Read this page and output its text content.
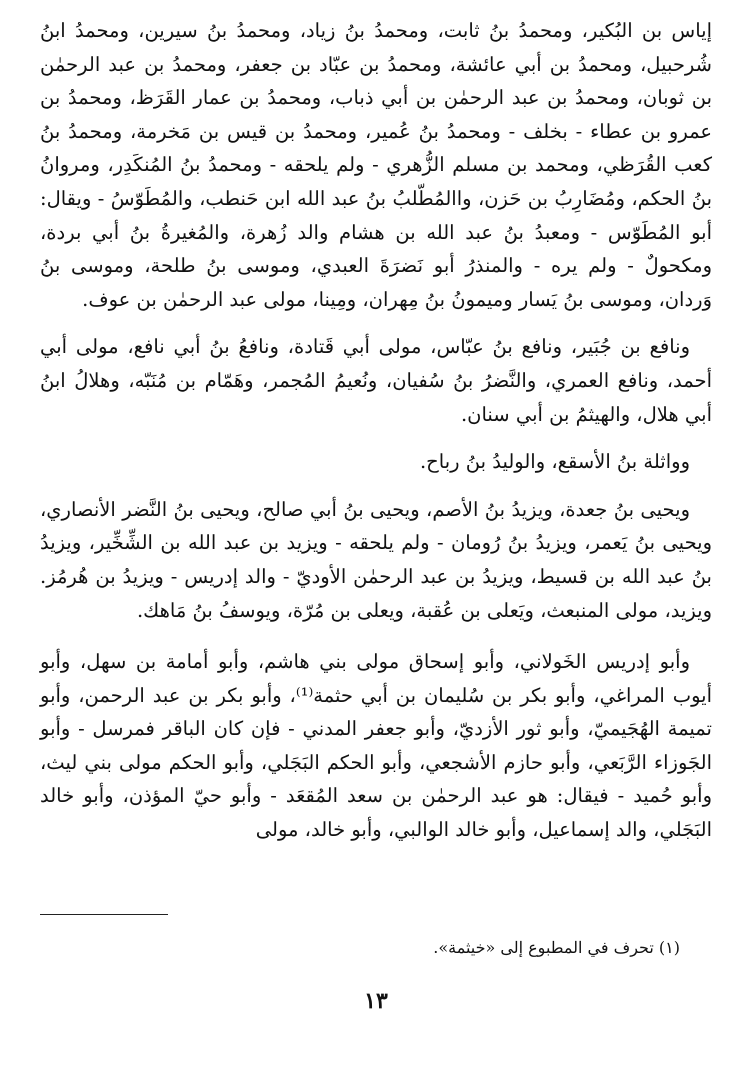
إياس بن البُكير، ومحمدُ بنُ ثابت، ومحمدُ بنُ زياد، ومحمدُ بنُ سيرين، ومحمدُ ابنُ شُرحبيل، ومحمدُ بن أبي عائشة، ومحمدُ بن عبّاد بن جعفر، ومحمدُ بن عبد الرحمٰن بن ثوبان، ومحمدُ بن عبد الرحمٰن بن أبي ذباب، ومحمدُ بن عمار القَرَظ، ومحمدُ بن عمرو بن عطاء - بخلف - ومحمدُ بنُ عُمير، ومحمدُ بن قيس بن مَخرمة، ومحمدُ بنُ كعب القُرَظي، ومحمد بن مسلم الزُّهري - ولم يلحقه - ومحمدُ بنُ المُنكَدِر، ومروانُ بنُ الحكم، ومُضَارِبُ بن حَزن، واالمُطّلبُ بنُ عبد الله ابن حَنطب، والمُطَوّسُ - ويقال: أبو المُطَوّس - ومعبدُ بنُ عبد الله بن هشام والد زُهرة، والمُغيرةُ بنُ أبي بردة، ومكحولٌ - ولم يره - والمنذرُ أبو نَضرَةَ العبدي، وموسى بنُ طلحة، وموسى بنُ وَردان، وموسى بنُ يَسار وميمونُ بنُ مِهران، ومِينا، مولى عبد الرحمٰن بن عوف.

ونافع بن جُبَير، ونافع بنُ عبّاس، مولى أبي قَتادة، ونافعُ بنُ أبي نافع، مولى أبي أحمد، ونافع العمري، والنَّضرُ بنُ سُفيان، ونُعيمُ المُجمر، وهَمّام بن مُنَبّه، وهلالُ ابنُ أبي هلال، والهيثمُ بن أبي سنان.

وواثلة بنُ الأسقع، والوليدُ بنُ رباح.

ويحيى بنُ جعدة، ويزيدُ بنُ الأصم، ويحيى بنُ أبي صالح، ويحيى بنُ النَّضر الأنصاري، ويحيى بنُ يَعمر، ويزيدُ بنُ رُومان - ولم يلحقه - ويزيد بن عبد الله بن الشِّخِّير، ويزيدُ بنُ عبد الله بن قسيط، ويزيدُ بن عبد الرحمٰن الأوديّ - والد إدريس - ويزيدُ بن هُرمُز. ويزيد، مولى المنبعث، ويَعلى بن عُقبة، ويعلى بن مُرّة، ويوسفُ بنُ مَاهك.

وأبو إدريس الخَولاني، وأبو إسحاق مولى بني هاشم، وأبو أمامة بن سهل، وأبو أيوب المراغي، وأبو بكر بن سُليمان بن أبي حثمة⁽¹⁾، وأبو بكر بن عبد الرحمن، وأبو تميمة الهُجَيميّ، وأبو ثور الأزديّ، وأبو جعفر المدني - فإن كان الباقر فمرسل - وأبو الجَوزاء الرَّبَعي، وأبو حازم الأشجعي، وأبو الحكم البَجَلي، وأبو الحكم مولى بني ليث، وأبو حُميد - فيقال: هو عبد الرحمٰن بن سعد المُقعَد - وأبو حيّ المؤذن، وأبو خالد البَجَلي، والد إسماعيل، وأبو خالد الوالبي، وأبو خالد، مولى

(١) تحرف في المطبوع إلى «خيثمة».
١٣
